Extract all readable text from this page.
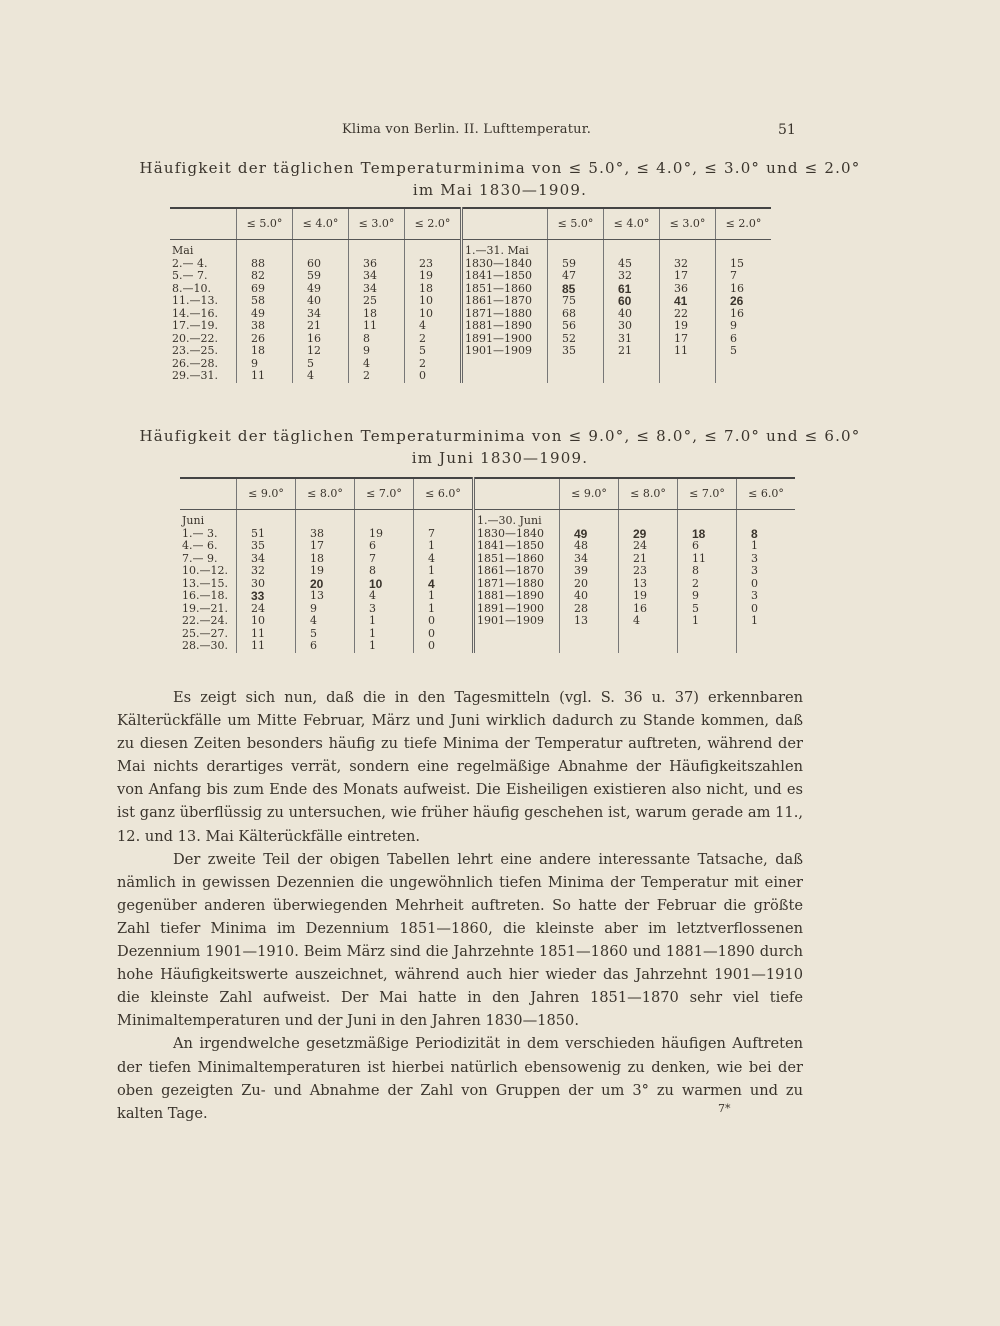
Klima von Berlin. II. Lufttemperatur.	51
Häufigkeit der täglichen Temperaturminima von ≤ 5.0°, ≤ 4.0°, ≤ 3.0° und ≤ 2.0°
im Mai 1830—1909.
	≤ 5.0°	≤ 4.0°	≤ 3.0°	≤ 2.0°		≤ 5.0°	≤ 4.0°	≤ 3.0°	≤ 2.0°

Mai					1.—31. Mai				
2.— 4.	88	60	36	23	1830—1840	59	45	32	15
5.— 7.	82	59	34	19	1841—1850	47	32	17	7
8.—10.	69	49	34	18	1851—1860	85	61	36	16
11.—13.	58	40	25	10	1861—1870	75	60	41	26
14.—16.	49	34	18	10	1871—1880	68	40	22	16
17.—19.	38	21	11	4	1881—1890	56	30	19	9
20.—22.	26	16	8	2	1891—1900	52	31	17	6
23.—25.	18	12	9	5	1901—1909	35	21	11	5
26.—28.	9	5	4	2					
29.—31.	11	4	2	0					
Häufigkeit der täglichen Temperaturminima von ≤ 9.0°, ≤ 8.0°, ≤ 7.0° und ≤ 6.0°
im Juni 1830—1909.
	≤ 9.0°	≤ 8.0°	≤ 7.0°	≤ 6.0°		≤ 9.0°	≤ 8.0°	≤ 7.0°	≤ 6.0°

Juni					1.—30. Juni				
1.— 3.	51	38	19	7	1830—1840	49	29	18	8
4.— 6.	35	17	6	1	1841—1850	48	24	6	1
7.— 9.	34	18	7	4	1851—1860	34	21	11	3
10.—12.	32	19	8	1	1861—1870	39	23	8	3
13.—15.	30	20	10	4	1871—1880	20	13	2	0
16.—18.	33	13	4	1	1881—1890	40	19	9	3
19.—21.	24	9	3	1	1891—1900	28	16	5	0
22.—24.	10	4	1	0	1901—1909	13	4	1	1
25.—27.	11	5	1	0					
28.—30.	11	6	1	0					

Es zeigt sich nun, daß die in den Tagesmitteln (vgl. S. 36 u. 37) erkennbaren Kälterückfälle um Mitte Februar, März und Juni wirklich dadurch zu Stande kommen, daß zu diesen Zeiten besonders häufig zu tiefe Minima der Temperatur auftreten, während der Mai nichts derartiges verrät, sondern eine regelmäßige Abnahme der Häufigkeitszahlen von Anfang bis zum Ende des Monats aufweist. Die Eisheiligen existieren also nicht, und es ist ganz überflüssig zu untersuchen, wie früher häufig geschehen ist, warum gerade am 11., 12. und 13. Mai Kälterückfälle eintreten.

Der zweite Teil der obigen Tabellen lehrt eine andere interessante Tatsache, daß nämlich in gewissen Dezennien die ungewöhnlich tiefen Minima der Temperatur mit einer gegenüber anderen überwiegenden Mehrheit auftreten. So hatte der Februar die größte Zahl tiefer Minima im Dezennium 1851—1860, die kleinste aber im letztverflossenen Dezennium 1901—1910. Beim März sind die Jahrzehnte 1851—1860 und 1881—1890 durch hohe Häufigkeitswerte auszeichnet, während auch hier wieder das Jahrzehnt 1901—1910 die kleinste Zahl aufweist. Der Mai hatte in den Jahren 1851—1870 sehr viel tiefe Minimaltemperaturen und der Juni in den Jahren 1830—1850.

An irgendwelche gesetzmäßige Periodizität in dem verschieden häufigen Auftreten der tiefen Minimaltemperaturen ist hierbei natürlich ebensowenig zu denken, wie bei der oben gezeigten Zu- und Abnahme der Zahl von Gruppen der um 3° zu warmen und zu kalten Tage.	7*
